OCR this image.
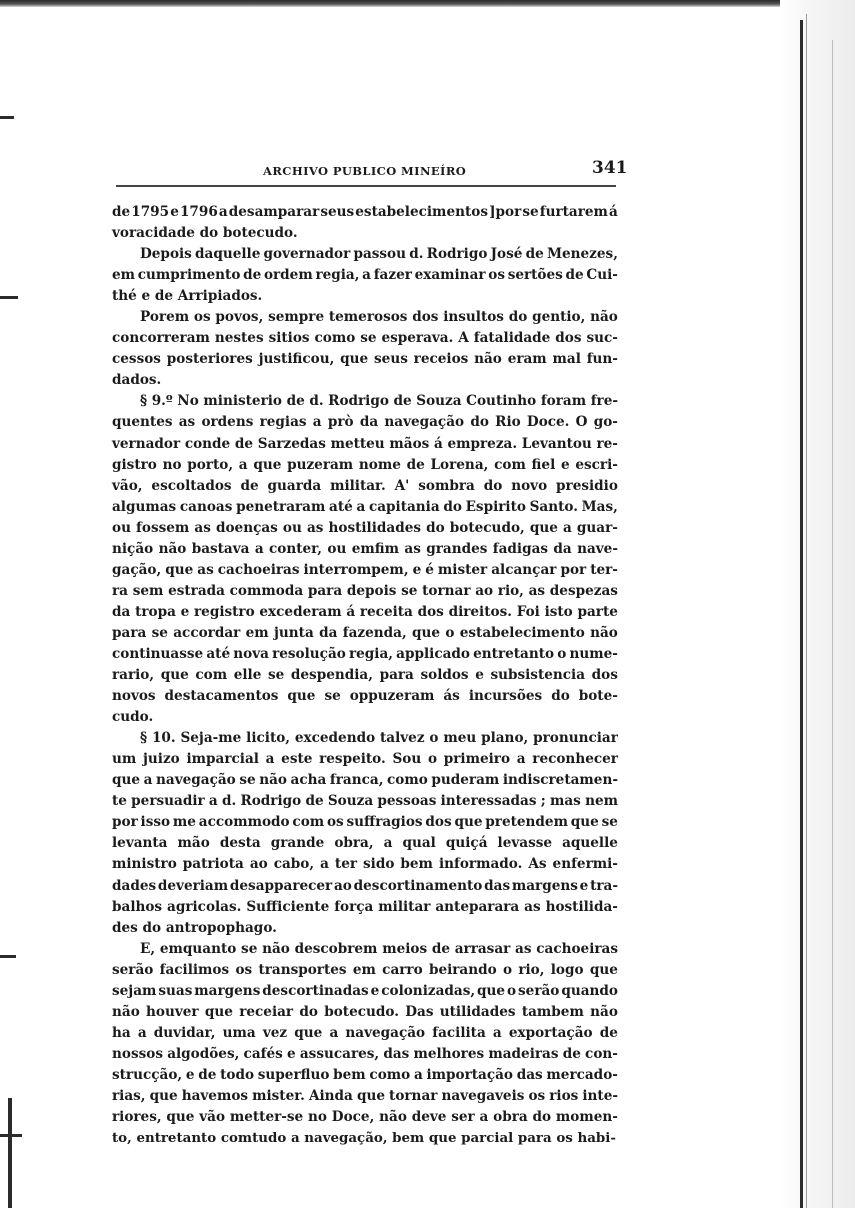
ARCHIVO PUBLICO MINEÍRO	341
de 1795 e 1796 a desamparar seus estabelecimentos ]por se furtarem á
voracidade do botecudo.
Depois daquelle governador passou d. Rodrigo José de Menezes,
em cumprimento de ordem regia, a fazer examinar os sertões de Cui-
thé e de Arripiados.
Porem os povos, sempre temerosos dos insultos do gentio, não
concorreram nestes sitios como se esperava. A fatalidade dos suc-
cessos posteriores justificou, que seus receios não eram mal fun-
dados.
§ 9.º No ministerio de d. Rodrigo de Souza Coutinho foram fre-
quentes as ordens regias a prò da navegação do Rio Doce. O go-
vernador conde de Sarzedas metteu mãos á empreza. Levantou re-
gistro no porto, a que puzeram nome de Lorena, com fiel e escri-
vão, escoltados de guarda militar. A' sombra do novo presidio
algumas canoas penetraram até a capitania do Espirito Santo. Mas,
ou fossem as doenças ou as hostilidades do botecudo, que a guar-
nição não bastava a conter, ou emfim as grandes fadigas da nave-
gação, que as cachoeiras interrompem, e é mister alcançar por ter-
ra sem estrada commoda para depois se tornar ao rio, as despezas
da tropa e registro excederam á receita dos direitos. Foi isto parte
para se accordar em junta da fazenda, que o estabelecimento não
continuasse até nova resolução regia, applicado entretanto o nume-
rario, que com elle se despendia, para soldos e subsistencia dos
novos destacamentos que se oppuzeram ás incursões do bote-
cudo.
§ 10. Seja-me licito, excedendo talvez o meu plano, pronunciar
um juizo imparcial a este respeito. Sou o primeiro a reconhecer
que a navegação se não acha franca, como puderam indiscretamen-
te persuadir a d. Rodrigo de Souza pessoas interessadas ; mas nem
por isso me accommodo com os suffragios dos que pretendem que se
levanta mão desta grande obra, a qual quiçá levasse aquelle
ministro patriota ao cabo, a ter sido bem informado. As enfermi-
dades deveriam desapparecer ao descortinamento das margens e tra-
balhos agricolas. Sufficiente força militar anteparara as hostilida-
des do antropophago.
E, emquanto se não descobrem meios de arrasar as cachoeiras
serão facilimos os transportes em carro beirando o rio, logo que
sejam suas margens descortinadas e colonizadas, que o serão quando
não houver que receiar do botecudo. Das utilidades tambem não
ha a duvidar, uma vez que a navegação facilita a exportação de
nossos algodões, cafés e assucares, das melhores madeiras de con-
strucção, e de todo superfluo bem como a importação das mercado-
rias, que havemos mister. Ainda que tornar navegaveis os rios inte-
riores, que vão metter-se no Doce, não deve ser a obra do momen-
to, entretanto comtudo a navegação, bem que parcial para os habi-
